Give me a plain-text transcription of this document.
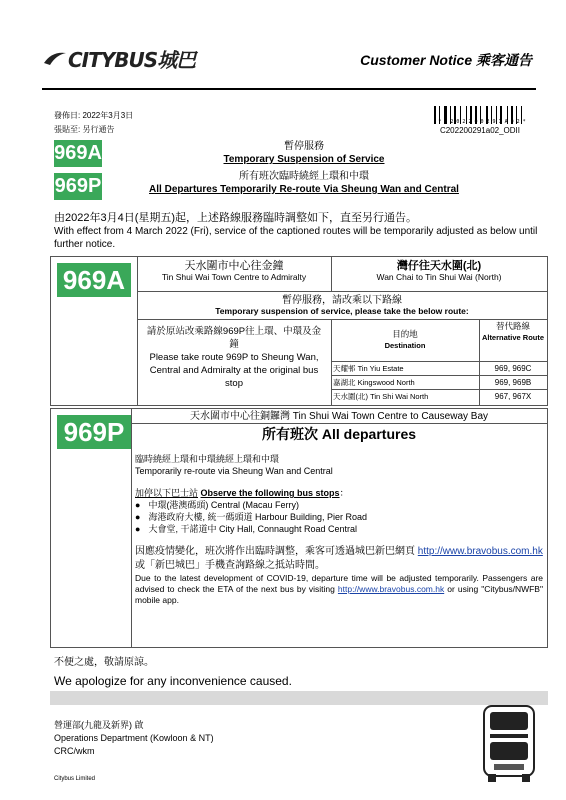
CITYBUS城巴	Customer Notice 乘客通告
* C 2 0 2 2 0 0 2 9 1 A 0 2 *
發佈日: 2022年3月3日
張貼至: 另行通告	C202200291a02_ODII
969A
969P
暫停服務
Temporary Suspension of Service
所有班次臨時繞經上環和中環
All Departures Temporarily Re-route Via Sheung Wan and Central
由2022年3月4日(星期五)起，上述路線服務臨時調整如下，直至另行通告。
With effect from 4 March 2022 (Fri), service of the captioned routes will be temporarily adjusted as below until further notice.
969A	天水圍市中心往金鐘
Tin Shui Wai Town Centre to Admiralty
灣仔往天水圍(北)
Wan Chai to Tin Shui Wai (North)
暫停服務，請改乘以下路線
Temporary suspension of service, please take the below route:
請於原站改乘路線969P往上環、中環及金鐘
Please take route 969P to Sheung Wan, Central and Admiralty at the original bus stop
目的地
Destination
替代路線
Alternative Route
天耀邨 Tin Yiu Estate	969, 969C
嘉湖北 Kingswood North	969, 969B
天水圍(北) Tin Shi Wai North	967, 967X
969P
天水圍市中心往銅鑼灣 Tin Shui Wai Town Centre to Causeway Bay
所有班次 All departures
臨時繞經上環和中環繞經上環和中環
Temporarily re-route via Sheung Wan and Central
加停以下巴士站 Observe the following bus stops：
● 中環(港澳碼頭) Central (Macau Ferry)
● 海港政府大樓, 統一碼頭道 Harbour Building, Pier Road
● 大會堂, 干諾道中 City Hall, Connaught Road Central
因應疫情變化，班次將作出臨時調整，乘客可透過城巴新巴網頁 http://www.bravobus.com.hk 或「新巴城巴」手機查詢路線之抵站時間。
Due to the latest development of COVID-19, departure time will be adjusted temporarily. Passengers are advised to check the ETA of the next bus by visiting http://www.bravobus.com.hk or using "Citybus/NWFB" mobile app.
不便之處，敬請原諒。
We apologize for any inconvenience caused.
營運部(九龍及新界) 啟
Operations Department (Kowloon & NT)
CRC/wkm
Citybus Limited
